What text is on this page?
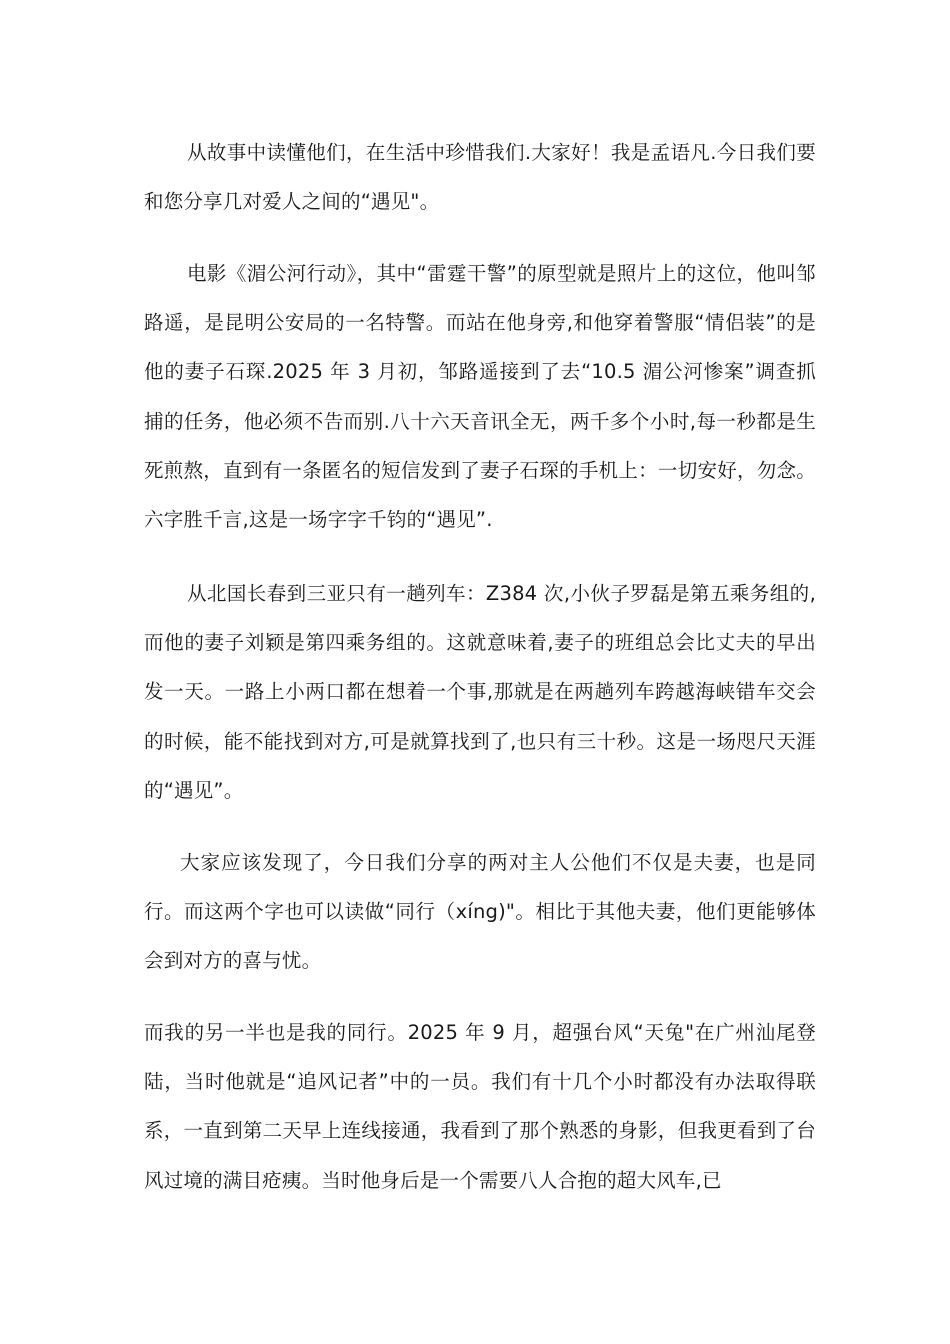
从故事中读懂他们，在生活中珍惜我们.大家好！我是孟语凡.今日我们要和您分享几对爱人之间的“遇见"。

电影《湄公河行动》，其中“雷霆干警”的原型就是照片上的这位，他叫邹路遥，是昆明公安局的一名特警。而站在他身旁,和他穿着警服“情侣装”的是他的妻子石琛.2025 年 3 月初，邹路遥接到了去“10.5 湄公河惨案”调查抓捕的任务，他必须不告而别.八十六天音讯全无，两千多个小时,每一秒都是生死煎熬，直到有一条匿名的短信发到了妻子石琛的手机上：一切安好，勿念。六字胜千言,这是一场字字千钧的“遇见”.

从北国长春到三亚只有一趟列车：Z384 次,小伙子罗磊是第五乘务组的,而他的妻子刘颖是第四乘务组的。这就意味着,妻子的班组总会比丈夫的早出发一天。一路上小两口都在想着一个事,那就是在两趟列车跨越海峡错车交会的时候，能不能找到对方,可是就算找到了,也只有三十秒。这是一场咫尺天涯的“遇见”。

大家应该发现了，今日我们分享的两对主人公他们不仅是夫妻，也是同行。而这两个字也可以读做“同行（xíng)"。相比于其他夫妻，他们更能够体会到对方的喜与忧。

而我的另一半也是我的同行。2025 年 9 月，超强台风“天兔"在广州汕尾登陆，当时他就是“追风记者”中的一员。我们有十几个小时都没有办法取得联系，一直到第二天早上连线接通，我看到了那个熟悉的身影，但我更看到了台风过境的满目疮痍。当时他身后是一个需要八人合抱的超大风车,已
